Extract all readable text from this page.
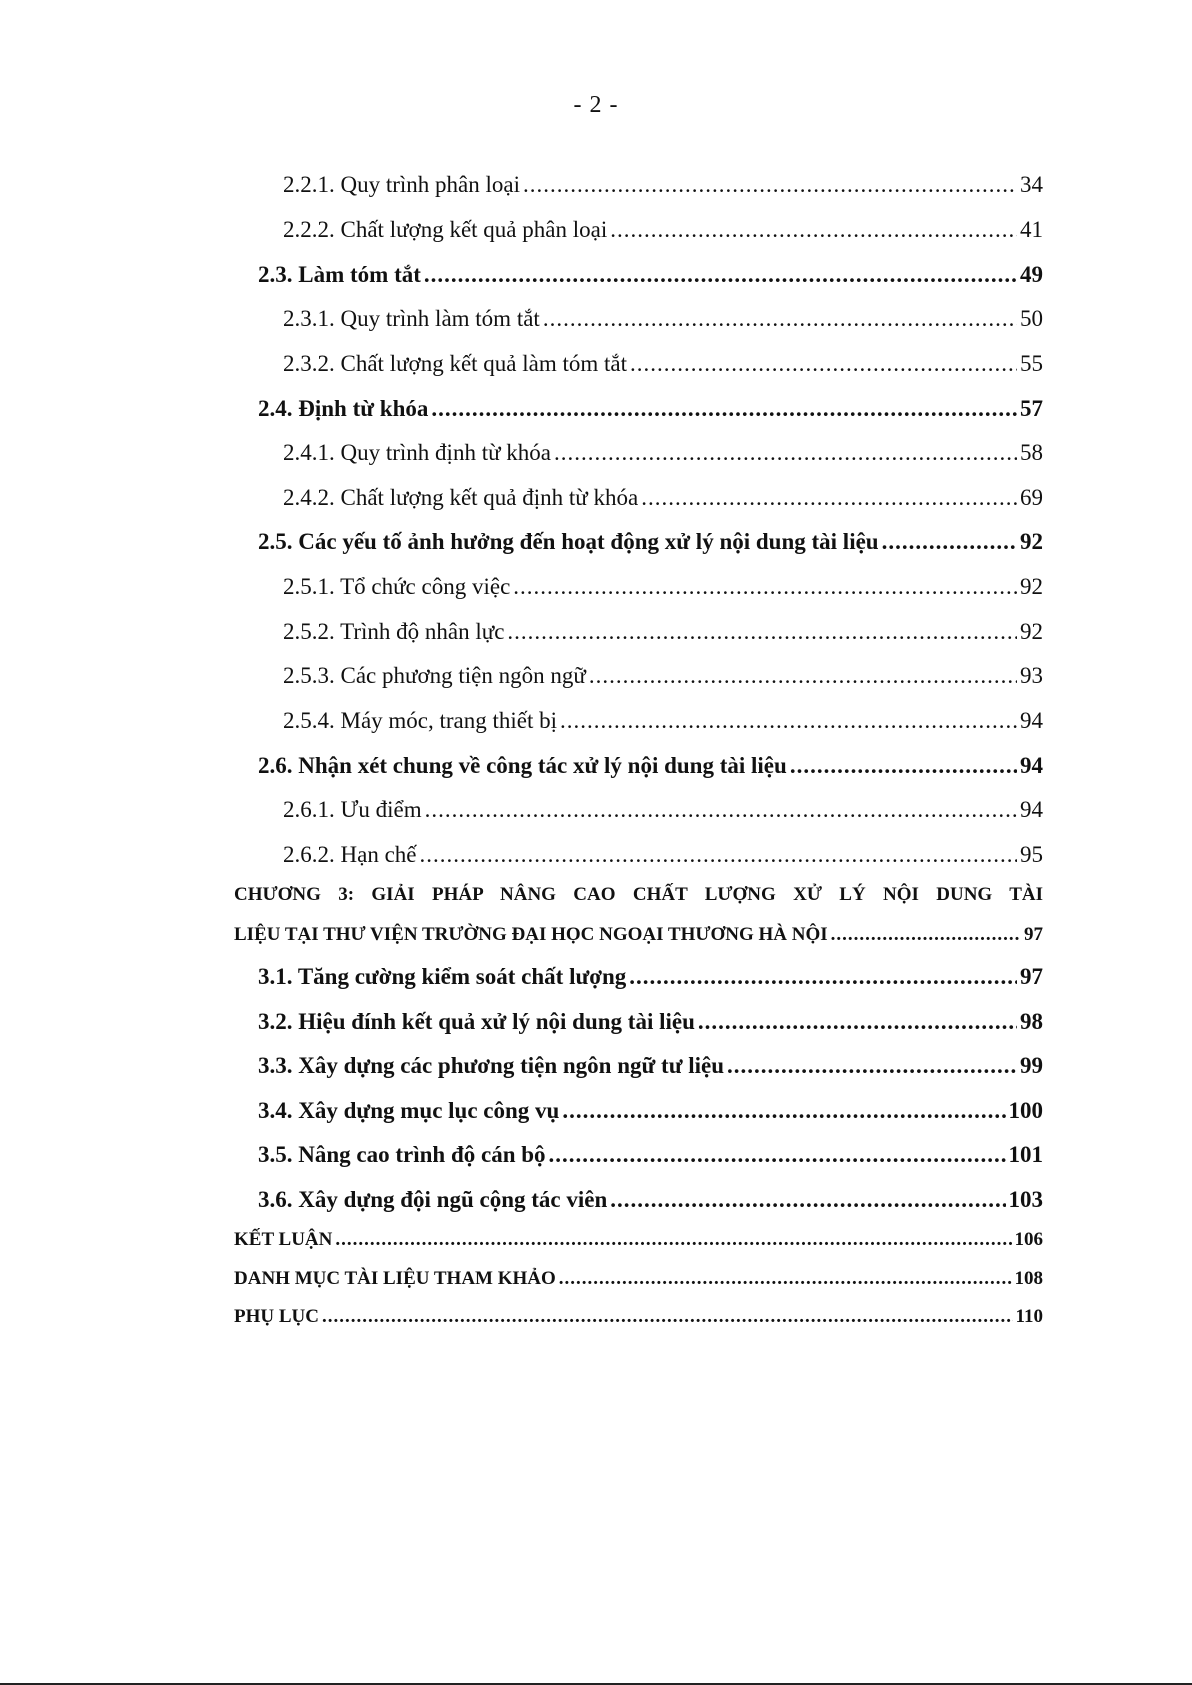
- 2 -
2.2.1. Quy trình phân loại .....	34
2.2.2. Chất lượng kết quả phân loại .....	41
2.3. Làm tóm tắt .....	49
2.3.1. Quy trình làm tóm tắt .....	50
2.3.2. Chất lượng kết quả làm tóm tắt .....	55
2.4. Định từ khóa .....	57
2.4.1. Quy trình định từ khóa .....	58
2.4.2. Chất lượng kết quả định từ khóa .....	69
2.5. Các yếu tố ảnh hưởng đến hoạt động xử lý nội dung tài liệu .....	92
2.5.1. Tổ chức công việc .....	92
2.5.2. Trình độ nhân lực .....	92
2.5.3. Các phương tiện ngôn ngữ .....	93
2.5.4. Máy móc, trang thiết bị .....	94
2.6. Nhận xét chung về công tác xử lý nội dung tài liệu .....	94
2.6.1. Ưu điểm .....	94
2.6.2. Hạn chế .....	95
CHƯƠNG 3: GIẢI PHÁP NÂNG CAO CHẤT LƯỢNG XỬ LÝ NỘI DUNG TÀI
LIỆU TẠI THƯ VIỆN TRƯỜNG ĐẠI HỌC NGOẠI THƯƠNG HÀ NỘI .....	97
3.1. Tăng cường kiểm soát chất lượng .....	97
3.2. Hiệu đính kết quả xử lý nội dung tài liệu .....	98
3.3. Xây dựng các phương tiện ngôn ngữ tư liệu .....	99
3.4. Xây dựng mục lục công vụ .....	100
3.5. Nâng cao trình độ cán bộ .....	101
3.6. Xây dựng đội ngũ cộng tác viên .....	103
KẾT LUẬN .....	106
DANH MỤC TÀI LIỆU THAM KHẢO .....	108
PHỤ LỤC .....	110
